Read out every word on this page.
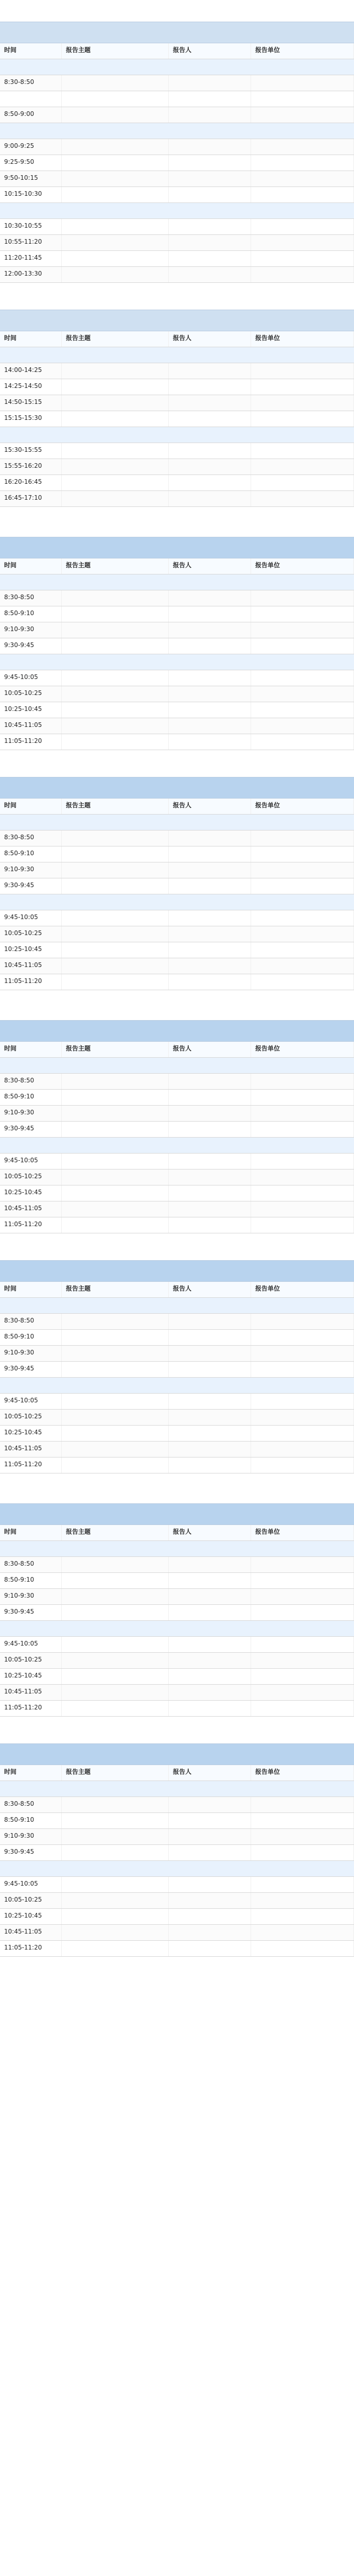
时间	报告主题	报告人	报告单位
8:30-8:50
8:50-9:00
9:00-9:25
9:25-9:50
9:50-10:15
10:15-10:30
10:30-10:55
10:55-11:20
11:20-11:45
12:00-13:30
时间	报告主题	报告人	报告单位
14:00-14:25
14:25-14:50
14:50-15:15
15:15-15:30
15:30-15:55
15:55-16:20
16:20-16:45
16:45-17:10
时间	报告主题	报告人	报告单位
8:30-8:50
8:50-9:10
9:10-9:30
9:30-9:45
9:45-10:05
10:05-10:25
10:25-10:45
10:45-11:05
11:05-11:20
时间	报告主题	报告人	报告单位
8:30-8:50
8:50-9:10
9:10-9:30
9:30-9:45
9:45-10:05
10:05-10:25
10:25-10:45
10:45-11:05
11:05-11:20
时间	报告主题	报告人	报告单位
8:30-8:50
8:50-9:10
9:10-9:30
9:30-9:45
9:45-10:05
10:05-10:25
10:25-10:45
10:45-11:05
11:05-11:20
时间	报告主题	报告人	报告单位
8:30-8:50
8:50-9:10
9:10-9:30
9:30-9:45
9:45-10:05
10:05-10:25
10:25-10:45
10:45-11:05
11:05-11:20
时间	报告主题	报告人	报告单位
8:30-8:50
8:50-9:10
9:10-9:30
9:30-9:45
9:45-10:05
10:05-10:25
10:25-10:45
10:45-11:05
11:05-11:20
时间	报告主题	报告人	报告单位
8:30-8:50
8:50-9:10
9:10-9:30
9:30-9:45
9:45-10:05
10:05-10:25
10:25-10:45
10:45-11:05
11:05-11:20
